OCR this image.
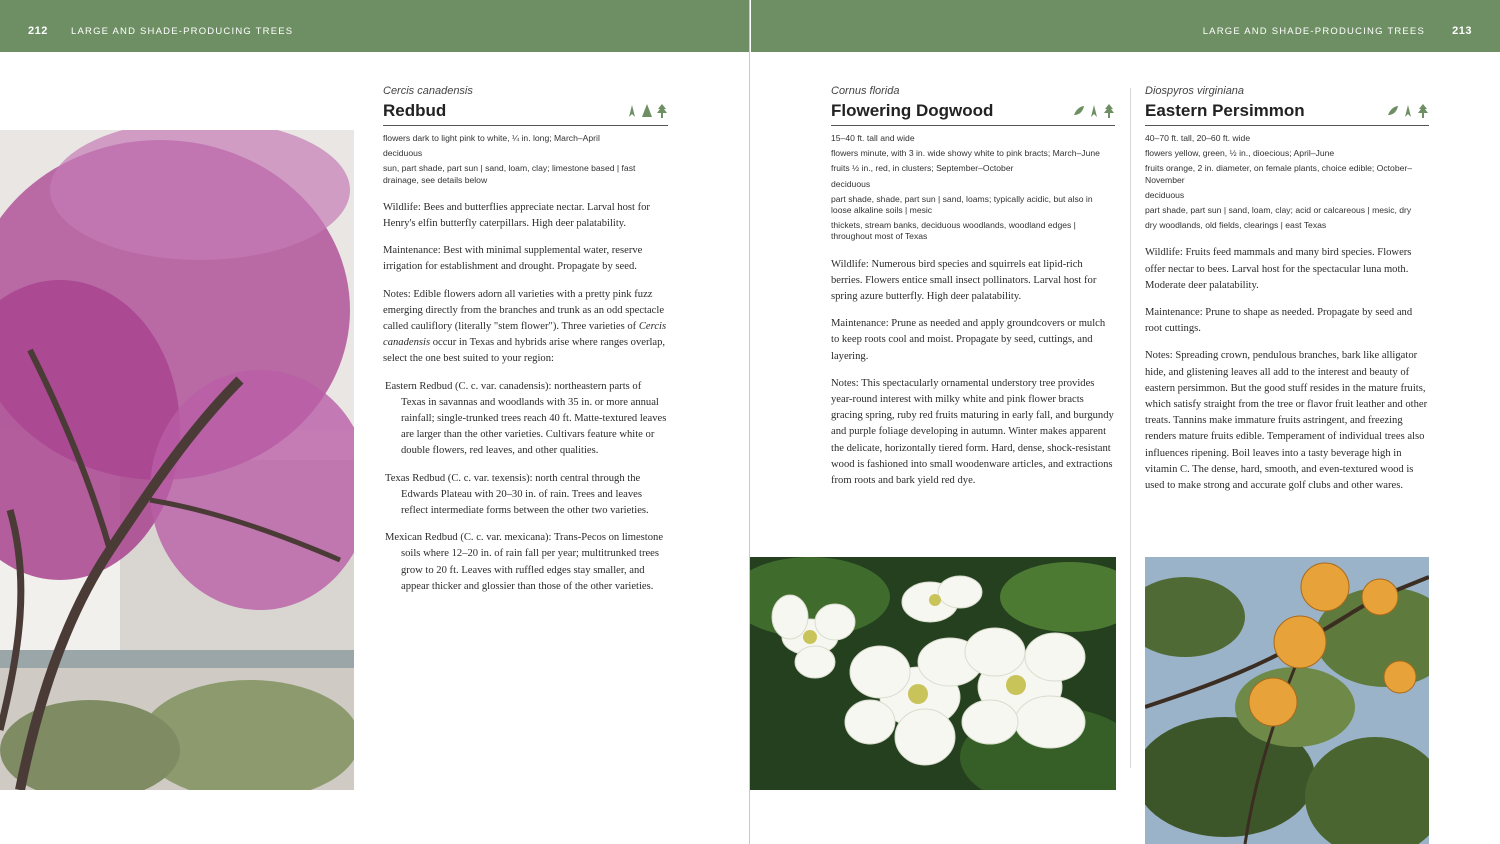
212 LARGE AND SHADE-PRODUCING TREES	LARGE AND SHADE-PRODUCING TREES 213
Cercis canadensis
Redbud
flowers dark to light pink to white, ¼ in. long; March–April
deciduous
sun, part shade, part sun | sand, loam, clay; limestone based | fast drainage, see details below

Wildlife: Bees and butterflies appreciate nectar. Larval host for Henry's elfin butterfly caterpillars. High deer palatability.

Maintenance: Best with minimal supplemental water, reserve irrigation for establishment and drought. Propagate by seed.

Notes: Edible flowers adorn all varieties with a pretty pink fuzz emerging directly from the branches and trunk as an odd spectacle called cauliflory (literally "stem flower"). Three varieties of Cercis canadensis occur in Texas and hybrids arise where ranges overlap, select the one best suited to your region:

Eastern Redbud (C. c. var. canadensis): northeastern parts of Texas in savannas and woodlands with 35 in. or more annual rainfall; single-trunked trees reach 40 ft. Matte-textured leaves are larger than the other varieties. Cultivars feature white or double flowers, red leaves, and other qualities.

Texas Redbud (C. c. var. texensis): north central through the Edwards Plateau with 20–30 in. of rain. Trees and leaves reflect intermediate forms between the other two varieties.

Mexican Redbud (C. c. var. mexicana): Trans-Pecos on limestone soils where 12–20 in. of rain fall per year; multitrunked trees grow to 20 ft. Leaves with ruffled edges stay smaller, and appear thicker and glossier than those of the other varieties.

Cornus florida
Flowering Dogwood
15–40 ft. tall and wide
flowers minute, with 3 in. wide showy white to pink bracts; March–June
fruits ½ in., red, in clusters; September–October
deciduous
part shade, shade, part sun | sand, loams; typically acidic, but also in loose alkaline soils | mesic
thickets, stream banks, deciduous woodlands, woodland edges | throughout most of Texas

Wildlife: Numerous bird species and squirrels eat lipid-rich berries. Flowers entice small insect pollinators. Larval host for spring azure butterfly. High deer palatability.

Maintenance: Prune as needed and apply groundcovers or mulch to keep roots cool and moist. Propagate by seed, cuttings, and layering.

Notes: This spectacularly ornamental understory tree provides year-round interest with milky white and pink flower bracts gracing spring, ruby red fruits maturing in early fall, and burgundy and purple foliage developing in autumn. Winter makes apparent the delicate, horizontally tiered form. Hard, dense, shock-resistant wood is fashioned into small woodenware articles, and extractions from roots and bark yield red dye.

Diospyros virginiana
Eastern Persimmon
40–70 ft. tall, 20–60 ft. wide
flowers yellow, green, ½ in., dioecious; April–June
fruits orange, 2 in. diameter, on female plants, choice edible; October–November
deciduous
part shade, part sun | sand, loam, clay; acid or calcareous | mesic, dry
dry woodlands, old fields, clearings | east Texas

Wildlife: Fruits feed mammals and many bird species. Flowers offer nectar to bees. Larval host for the spectacular luna moth. Moderate deer palatability.

Maintenance: Prune to shape as needed. Propagate by seed and root cuttings.

Notes: Spreading crown, pendulous branches, bark like alligator hide, and glistening leaves all add to the interest and beauty of eastern persimmon. But the good stuff resides in the mature fruits, which satisfy straight from the tree or flavor fruit leather and other treats. Tannins make immature fruits astringent, and freezing renders mature fruits edible. Temperament of individual trees also influences ripening. Boil leaves into a tasty beverage high in vitamin C. The dense, hard, smooth, and even-textured wood is used to make strong and accurate golf clubs and other wares.
